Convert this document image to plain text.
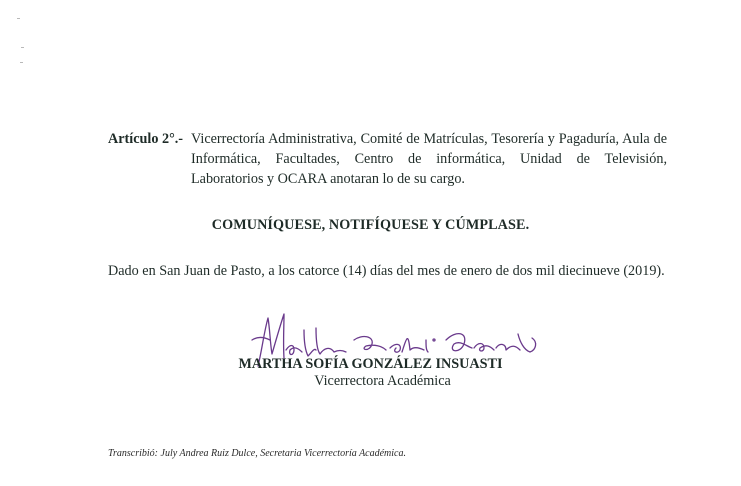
Artículo 2°.- Vicerrectoría Administrativa, Comité de Matrículas, Tesorería y Pagaduría, Aula de
Informática, Facultades, Centro de informática, Unidad de Televisión,
Laboratorios y OCARA anotaran lo de su cargo.
COMUNÍQUESE, NOTIFÍQUESE Y CÚMPLASE.
Dado en San Juan de Pasto, a los catorce (14) días del mes de enero de dos mil diecinueve (2019).
MARTHA SOFÍA GONZÁLEZ INSUASTI
Vicerrectora Académica
Transcribió: July Andrea Ruiz Dulce, Secretaria Vicerrectoría Académica.
